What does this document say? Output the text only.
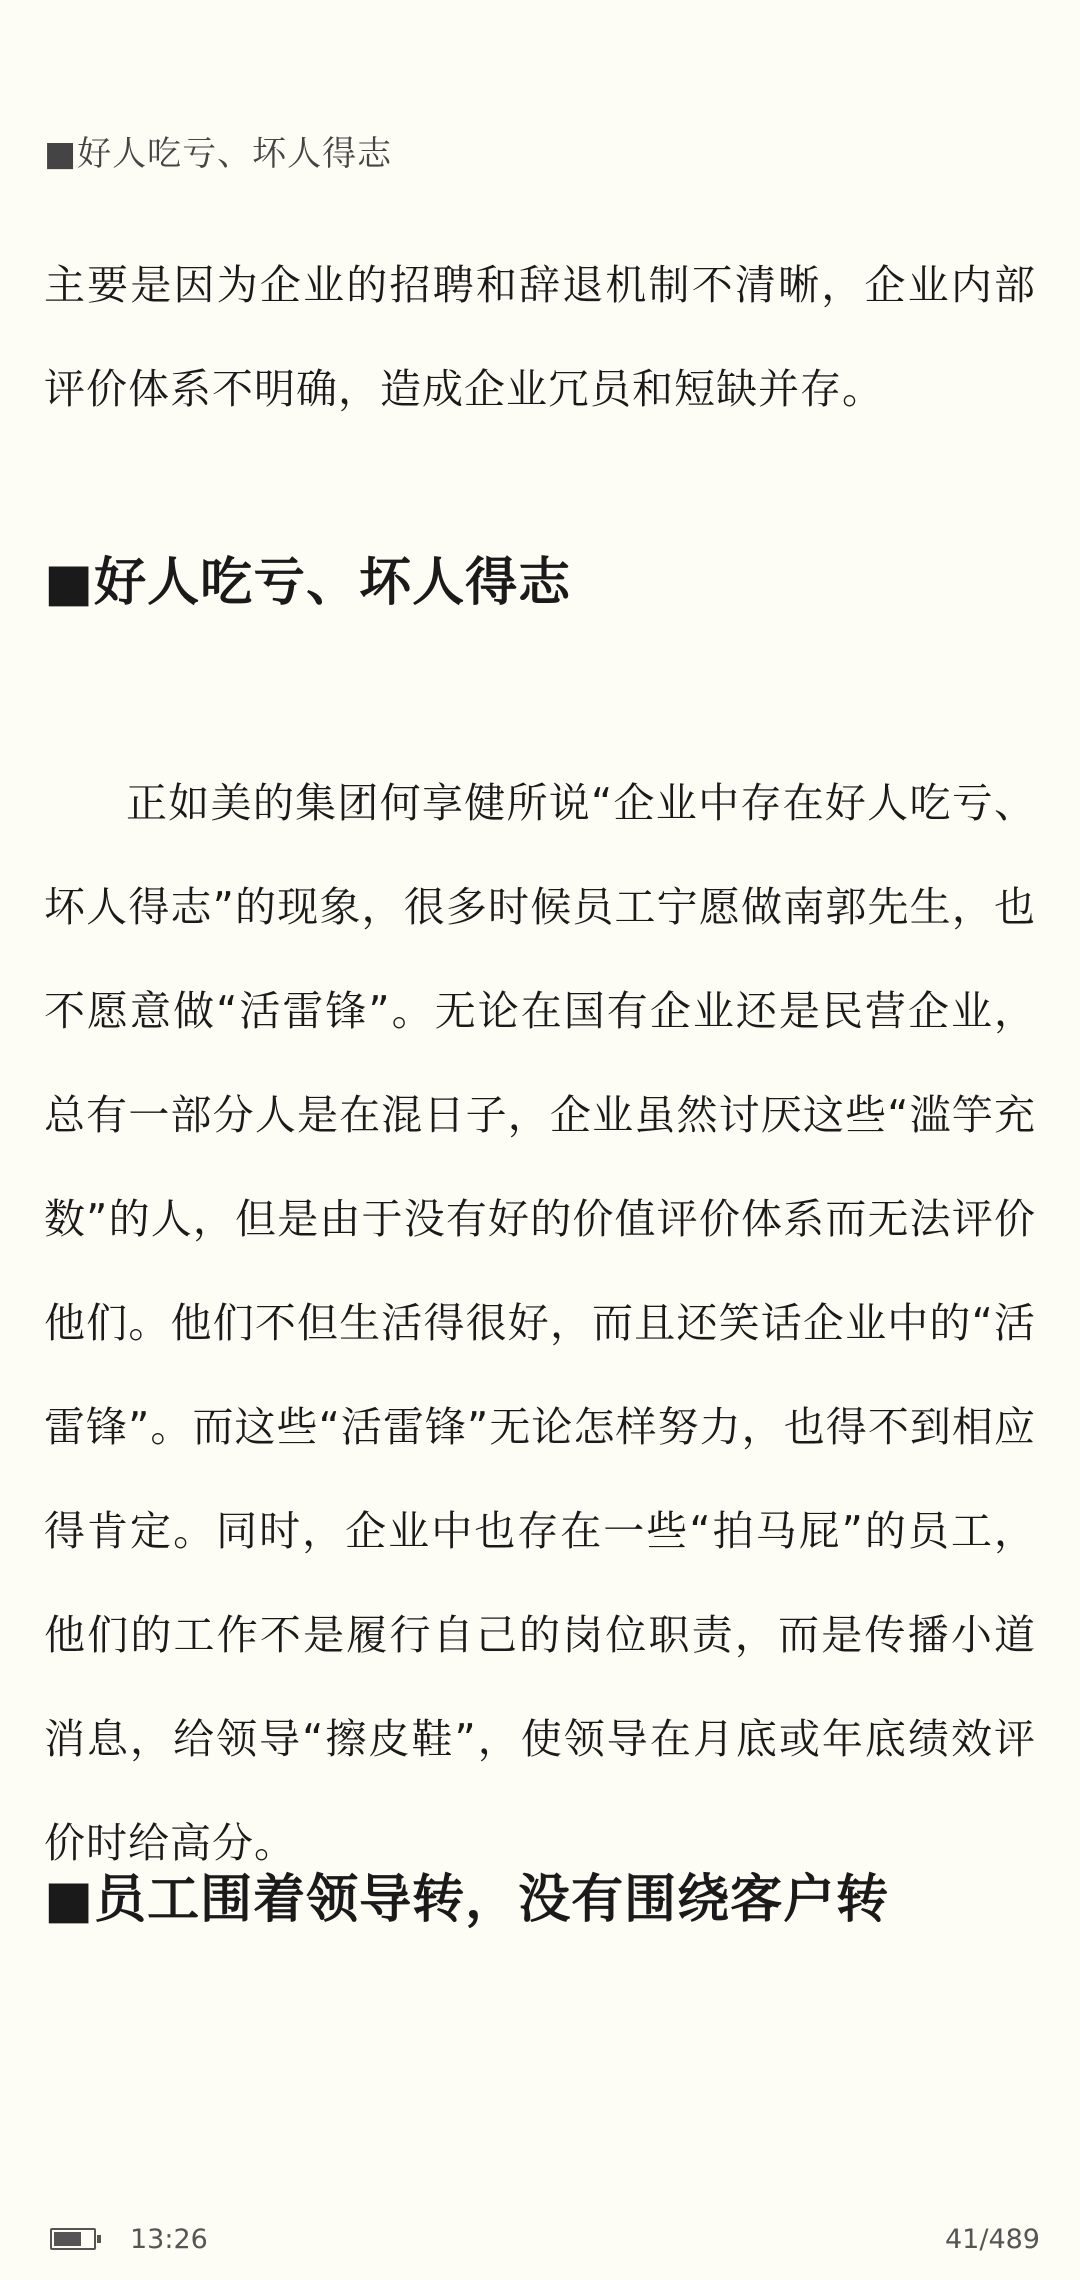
■好人吃亏、坏人得志

主要是因为企业的招聘和辞退机制不清晰，企业内部评价体系不明确，造成企业冗员和短缺并存。

■好人吃亏、坏人得志

正如美的集团何享健所说“企业中存在好人吃亏、坏人得志”的现象，很多时候员工宁愿做南郭先生，也不愿意做“活雷锋”。无论在国有企业还是民营企业，总有一部分人是在混日子，企业虽然讨厌这些“滥竽充数”的人，但是由于没有好的价值评价体系而无法评价他们。他们不但生活得很好，而且还笑话企业中的“活雷锋”。而这些“活雷锋”无论怎样努力，也得不到相应得肯定。同时，企业中也存在一些“拍马屁”的员工，他们的工作不是履行自己的岗位职责，而是传播小道消息，给领导“擦皮鞋”，使领导在月底或年底绩效评价时给高分。

■员工围着领导转，没有围绕客户转
13:26	41/489
